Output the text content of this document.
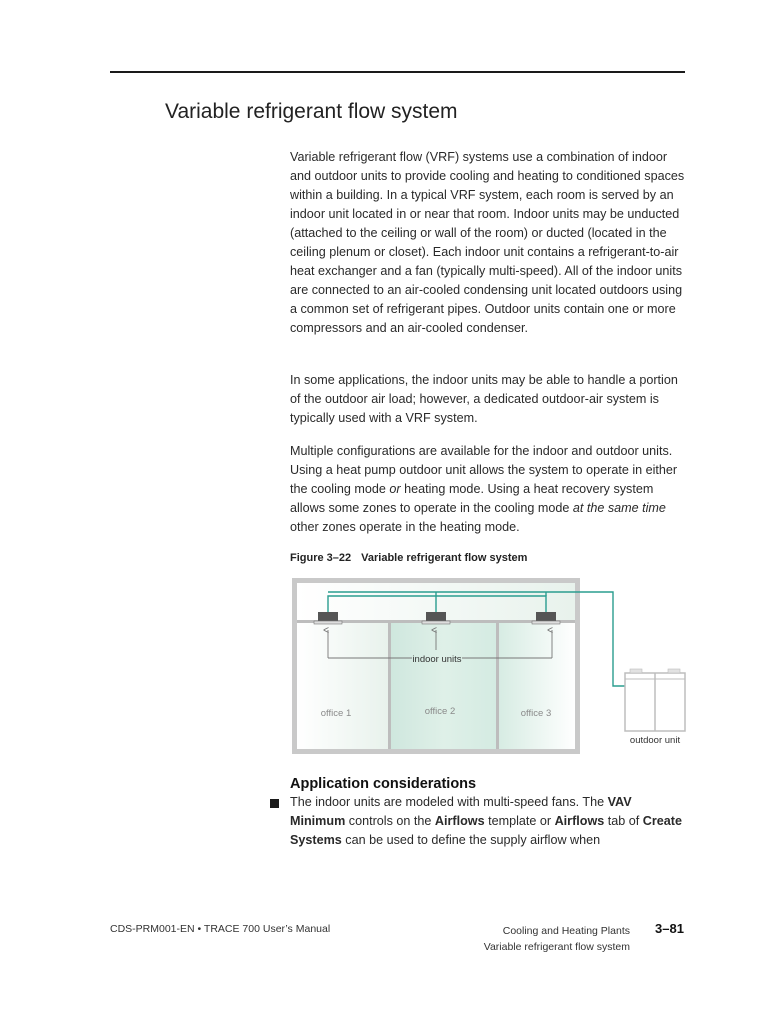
Variable refrigerant flow system

Variable refrigerant flow (VRF) systems use a combination of indoor and outdoor units to provide cooling and heating to conditioned spaces within a building. In a typical VRF system, each room is served by an indoor unit located in or near that room. Indoor units may be unducted (attached to the ceiling or wall of the room) or ducted (located in the ceiling plenum or closet). Each indoor unit contains a refrigerant-to-air heat exchanger and a fan (typically multi-speed). All of the indoor units are connected to an air-cooled condensing unit located outdoors using a common set of refrigerant pipes. Outdoor units contain one or more compressors and an air-cooled condenser.

In some applications, the indoor units may be able to handle a portion of the outdoor air load; however, a dedicated outdoor-air system is typically used with a VRF system.

Multiple configurations are available for the indoor and outdoor units. Using a heat pump outdoor unit allows the system to operate in either the cooling mode or heating mode. Using a heat recovery system allows some zones to operate in the cooling mode at the same time other zones operate in the heating mode.

Figure 3–22 Variable refrigerant flow system
indoor units
office 1	office 2	office 3
outdoor unit
Application considerations
The indoor units are modeled with multi-speed fans. The VAV Minimum controls on the Airflows template or Airflows tab of Create Systems can be used to define the supply airflow when
CDS-PRM001-EN • TRACE 700 User’s Manual	Cooling and Heating Plants
Variable refrigerant flow system
3–81
